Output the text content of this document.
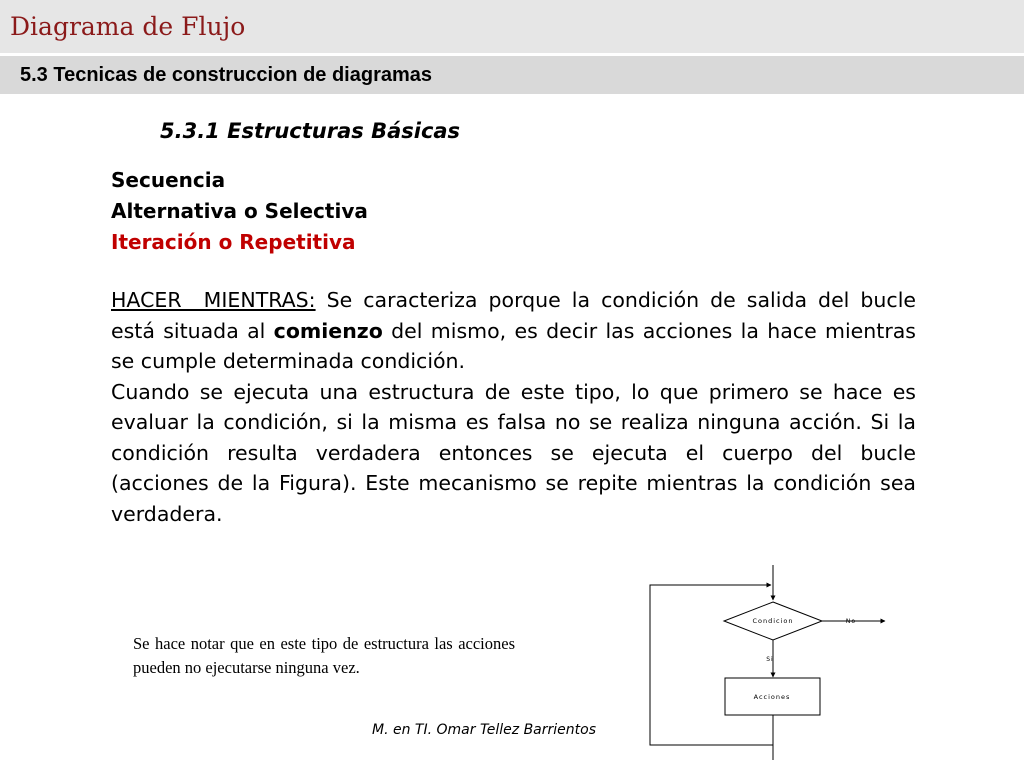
Diagrama de Flujo
5.3 Tecnicas de construccion de diagramas
5.3.1 Estructuras Básicas
Secuencia
Alternativa o Selectiva
Iteración o Repetitiva

HACER  MIENTRAS: Se caracteriza porque la condición de salida del bucle está situada al comienzo del mismo, es decir las acciones la hace mientras se cumple determinada condición.

Cuando se ejecuta una estructura de este tipo, lo que primero se hace es evaluar la condición, si la misma es falsa no se realiza ninguna acción. Si la condición resulta verdadera entonces se ejecuta el cuerpo del bucle (acciones de la Figura). Este mecanismo se repite mientras la condición sea verdadera.

Se hace notar que en este tipo de estructura las acciones pueden no ejecutarse ninguna vez.
M. en TI. Omar Tellez Barrientos
Condicion	No
Si
Acciones
